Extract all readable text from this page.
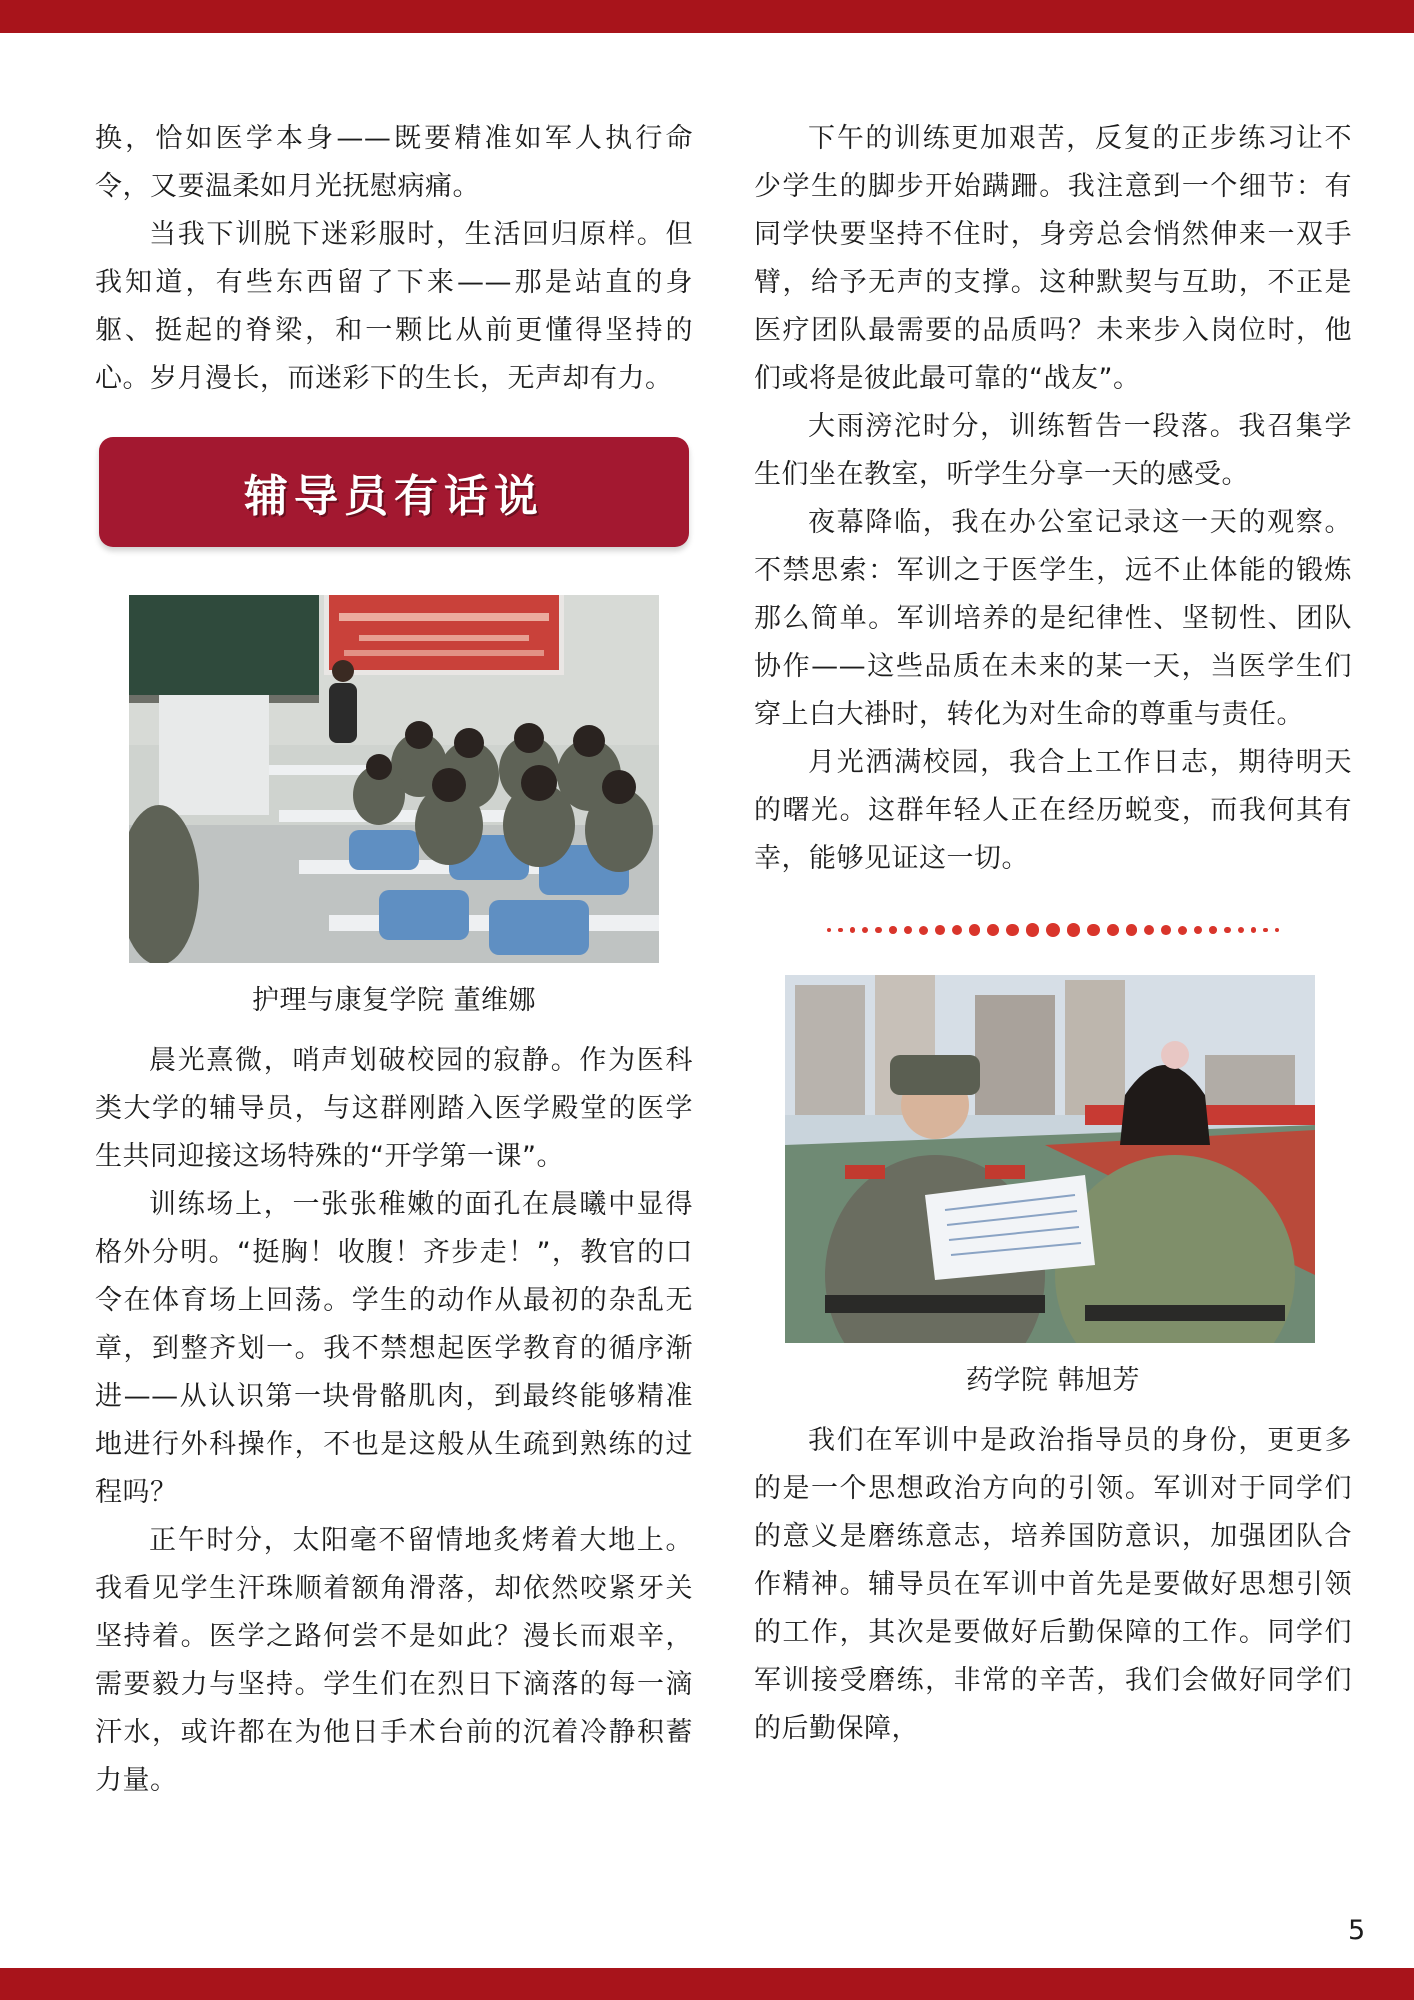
换，恰如医学本身——既要精准如军人执行命令，又要温柔如月光抚慰病痛。

当我下训脱下迷彩服时，生活回归原样。但我知道，有些东西留了下来——那是站直的身躯、挺起的脊梁，和一颗比从前更懂得坚持的心。岁月漫长，而迷彩下的生长，无声却有力。

辅导员有话说
护理与康复学院 董维娜

晨光熹微，哨声划破校园的寂静。作为医科类大学的辅导员，与这群刚踏入医学殿堂的医学生共同迎接这场特殊的“开学第一课”。

训练场上，一张张稚嫩的面孔在晨曦中显得格外分明。“挺胸！收腹！齐步走！”，教官的口令在体育场上回荡。学生的动作从最初的杂乱无章，到整齐划一。我不禁想起医学教育的循序渐进——从认识第一块骨骼肌肉，到最终能够精准地进行外科操作，不也是这般从生疏到熟练的过程吗？

正午时分，太阳毫不留情地炙烤着大地上。我看见学生汗珠顺着额角滑落，却依然咬紧牙关坚持着。医学之路何尝不是如此？漫长而艰辛，需要毅力与坚持。学生们在烈日下滴落的每一滴汗水，或许都在为他日手术台前的沉着冷静积蓄力量。

下午的训练更加艰苦，反复的正步练习让不少学生的脚步开始蹒跚。我注意到一个细节：有同学快要坚持不住时，身旁总会悄然伸来一双手臂，给予无声的支撑。这种默契与互助，不正是医疗团队最需要的品质吗？未来步入岗位时，他们或将是彼此最可靠的“战友”。

大雨滂沱时分，训练暂告一段落。我召集学生们坐在教室，听学生分享一天的感受。

夜幕降临，我在办公室记录这一天的观察。不禁思索：军训之于医学生，远不止体能的锻炼那么简单。军训培养的是纪律性、坚韧性、团队协作——这些品质在未来的某一天，当医学生们穿上白大褂时，转化为对生命的尊重与责任。

月光洒满校园，我合上工作日志，期待明天的曙光。这群年轻人正在经历蜕变，而我何其有幸，能够见证这一切。

药学院 韩旭芳

我们在军训中是政治指导员的身份，更更多的是一个思想政治方向的引领。军训对于同学们的意义是磨练意志，培养国防意识，加强团队合作精神。辅导员在军训中首先是要做好思想引领的工作，其次是要做好后勤保障的工作。同学们军训接受磨练，非常的辛苦，我们会做好同学们的后勤保障，

5
